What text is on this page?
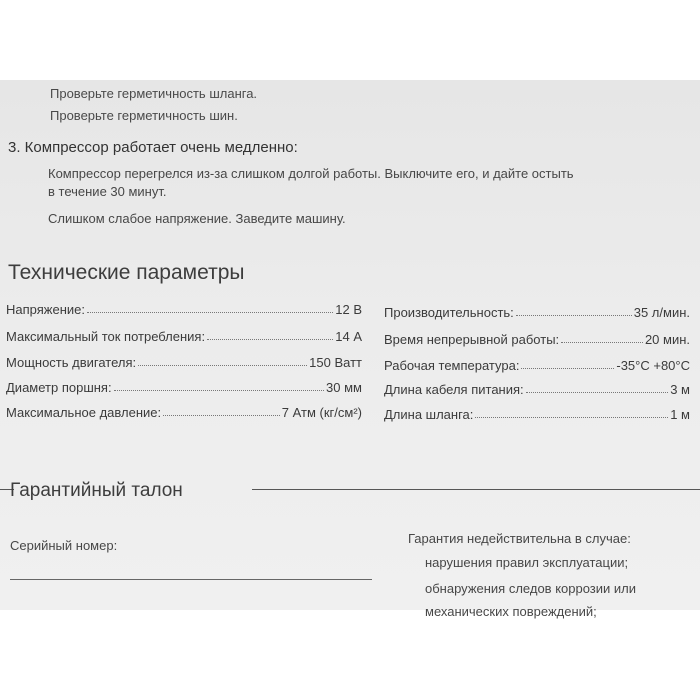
Проверьте герметичность шланга.
Проверьте герметичность шин.
3. Компрессор работает очень медленно:
Компрессор перегрелся из-за слишком долгой работы. Выключите его, и дайте остыть
в течение 30 минут.
Слишком слабое напряжение. Заведите машину.
Технические параметры
Напряжение:	12 В
Максимальный ток потребления:	14 А
Мощность двигателя:	150 Ватт
Диаметр поршня:	30 мм
Максимальное давление:	7 Атм (кг/см²)
Производительность:	35 л/мин.
Время непрерывной работы:	20 мин.
Рабочая температура:	-35°С +80°С
Длина кабеля питания:	3 м
Длина шланга:	1 м
Гарантийный талон
Серийный номер:	Гарантия недействительна в случае:
нарушения правил эксплуатации;
обнаружения следов коррозии или
механических повреждений;
